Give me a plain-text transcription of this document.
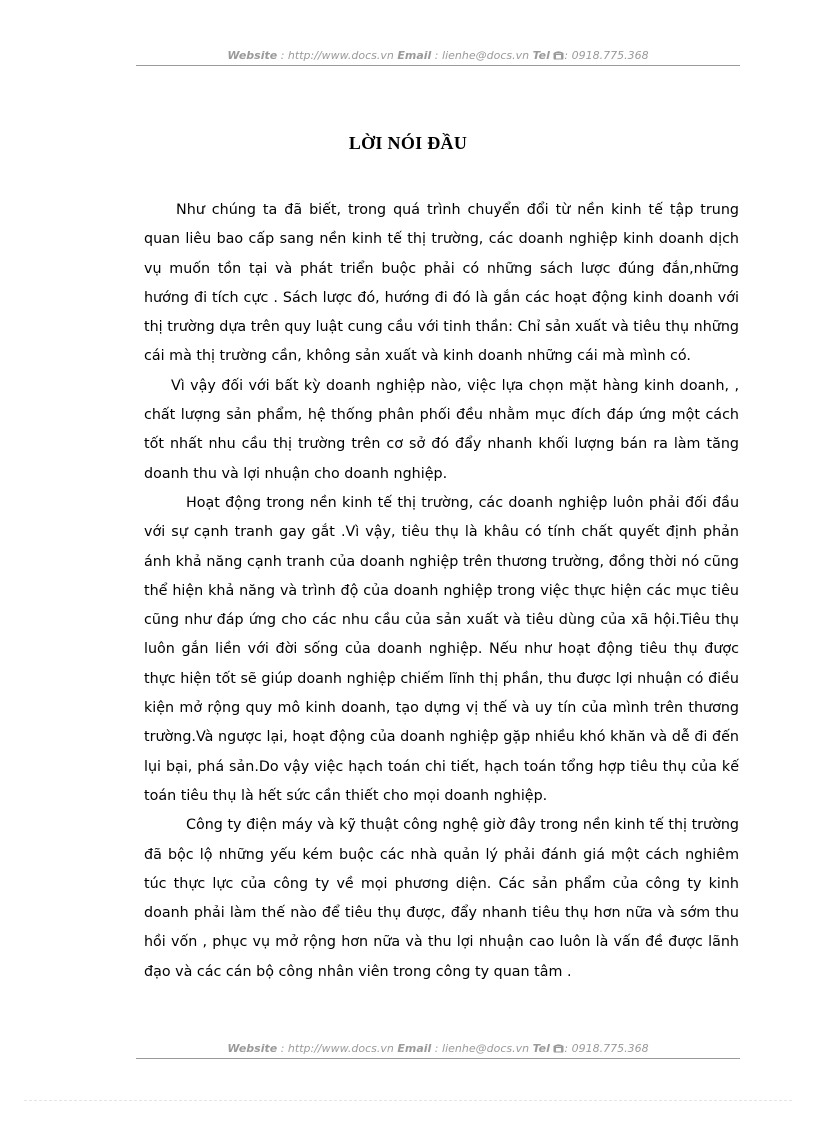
Website : http://www.docs.vn Email : lienhe@docs.vn Tel : 0918.775.368
LỜI NÓI ĐẦU

Như chúng ta đã biết, trong quá trình chuyển đổi từ nền kinh tế tập trung quan liêu bao cấp sang nền kinh tế thị trường, các doanh nghiệp kinh doanh dịch vụ muốn tồn tại và phát triển buộc phải có những sách lược đúng đắn,những hướng đi tích cực . Sách lược đó, hướng đi đó là gắn các hoạt động kinh doanh với thị trường dựa trên quy luật cung cầu với tinh thần: Chỉ sản xuất và tiêu thụ những cái mà thị trường cần, không sản xuất và kinh doanh những cái mà mình có.

Vì vậy đối với bất kỳ doanh nghiệp nào, việc lựa chọn mặt hàng kinh doanh, , chất lượng sản phẩm, hệ thống phân phối đều nhằm mục đích đáp ứng một cách tốt nhất nhu cầu thị trường trên cơ sở đó đẩy nhanh khối lượng bán ra làm tăng doanh thu và lợi nhuận cho doanh nghiệp.

Hoạt động trong nền kinh tế thị trường, các doanh nghiệp luôn phải đối đầu với sự cạnh tranh gay gắt .Vì vậy, tiêu thụ là khâu có tính chất quyết định phản ánh khả năng cạnh tranh của doanh nghiệp trên thương trường, đồng thời nó cũng thể hiện khả năng và trình độ của doanh nghiệp trong việc thực hiện các mục tiêu cũng như đáp ứng cho các nhu cầu của sản xuất và tiêu dùng của xã hội.Tiêu thụ luôn gắn liền với đời sống của doanh nghiệp. Nếu như hoạt động tiêu thụ được thực hiện tốt sẽ giúp doanh nghiệp chiếm lĩnh thị phần, thu được lợi nhuận có điều kiện mở rộng quy mô kinh doanh, tạo dựng vị thế và uy tín của mình trên thương trường.Và ngược lại, hoạt động của doanh nghiệp gặp nhiều khó khăn và dễ đi đến lụi bại, phá sản.Do vậy việc hạch toán chi tiết, hạch toán tổng hợp tiêu thụ của kế toán tiêu thụ là hết sức cần thiết cho mọi doanh nghiệp.

Công ty điện máy và kỹ thuật công nghệ giờ đây trong nền kinh tế thị trường đã bộc lộ những yếu kém buộc các nhà quản lý phải đánh giá một cách nghiêm túc thực lực của công ty về mọi phương diện. Các sản phẩm của công ty kinh doanh phải làm thế nào để tiêu thụ được, đẩy nhanh tiêu thụ hơn nữa và sớm thu hồi vốn , phục vụ mở rộng hơn nữa và thu lợi nhuận cao luôn là vấn đề được lãnh đạo và các cán bộ công nhân viên trong công ty quan tâm .

Website : http://www.docs.vn Email : lienhe@docs.vn Tel : 0918.775.368
